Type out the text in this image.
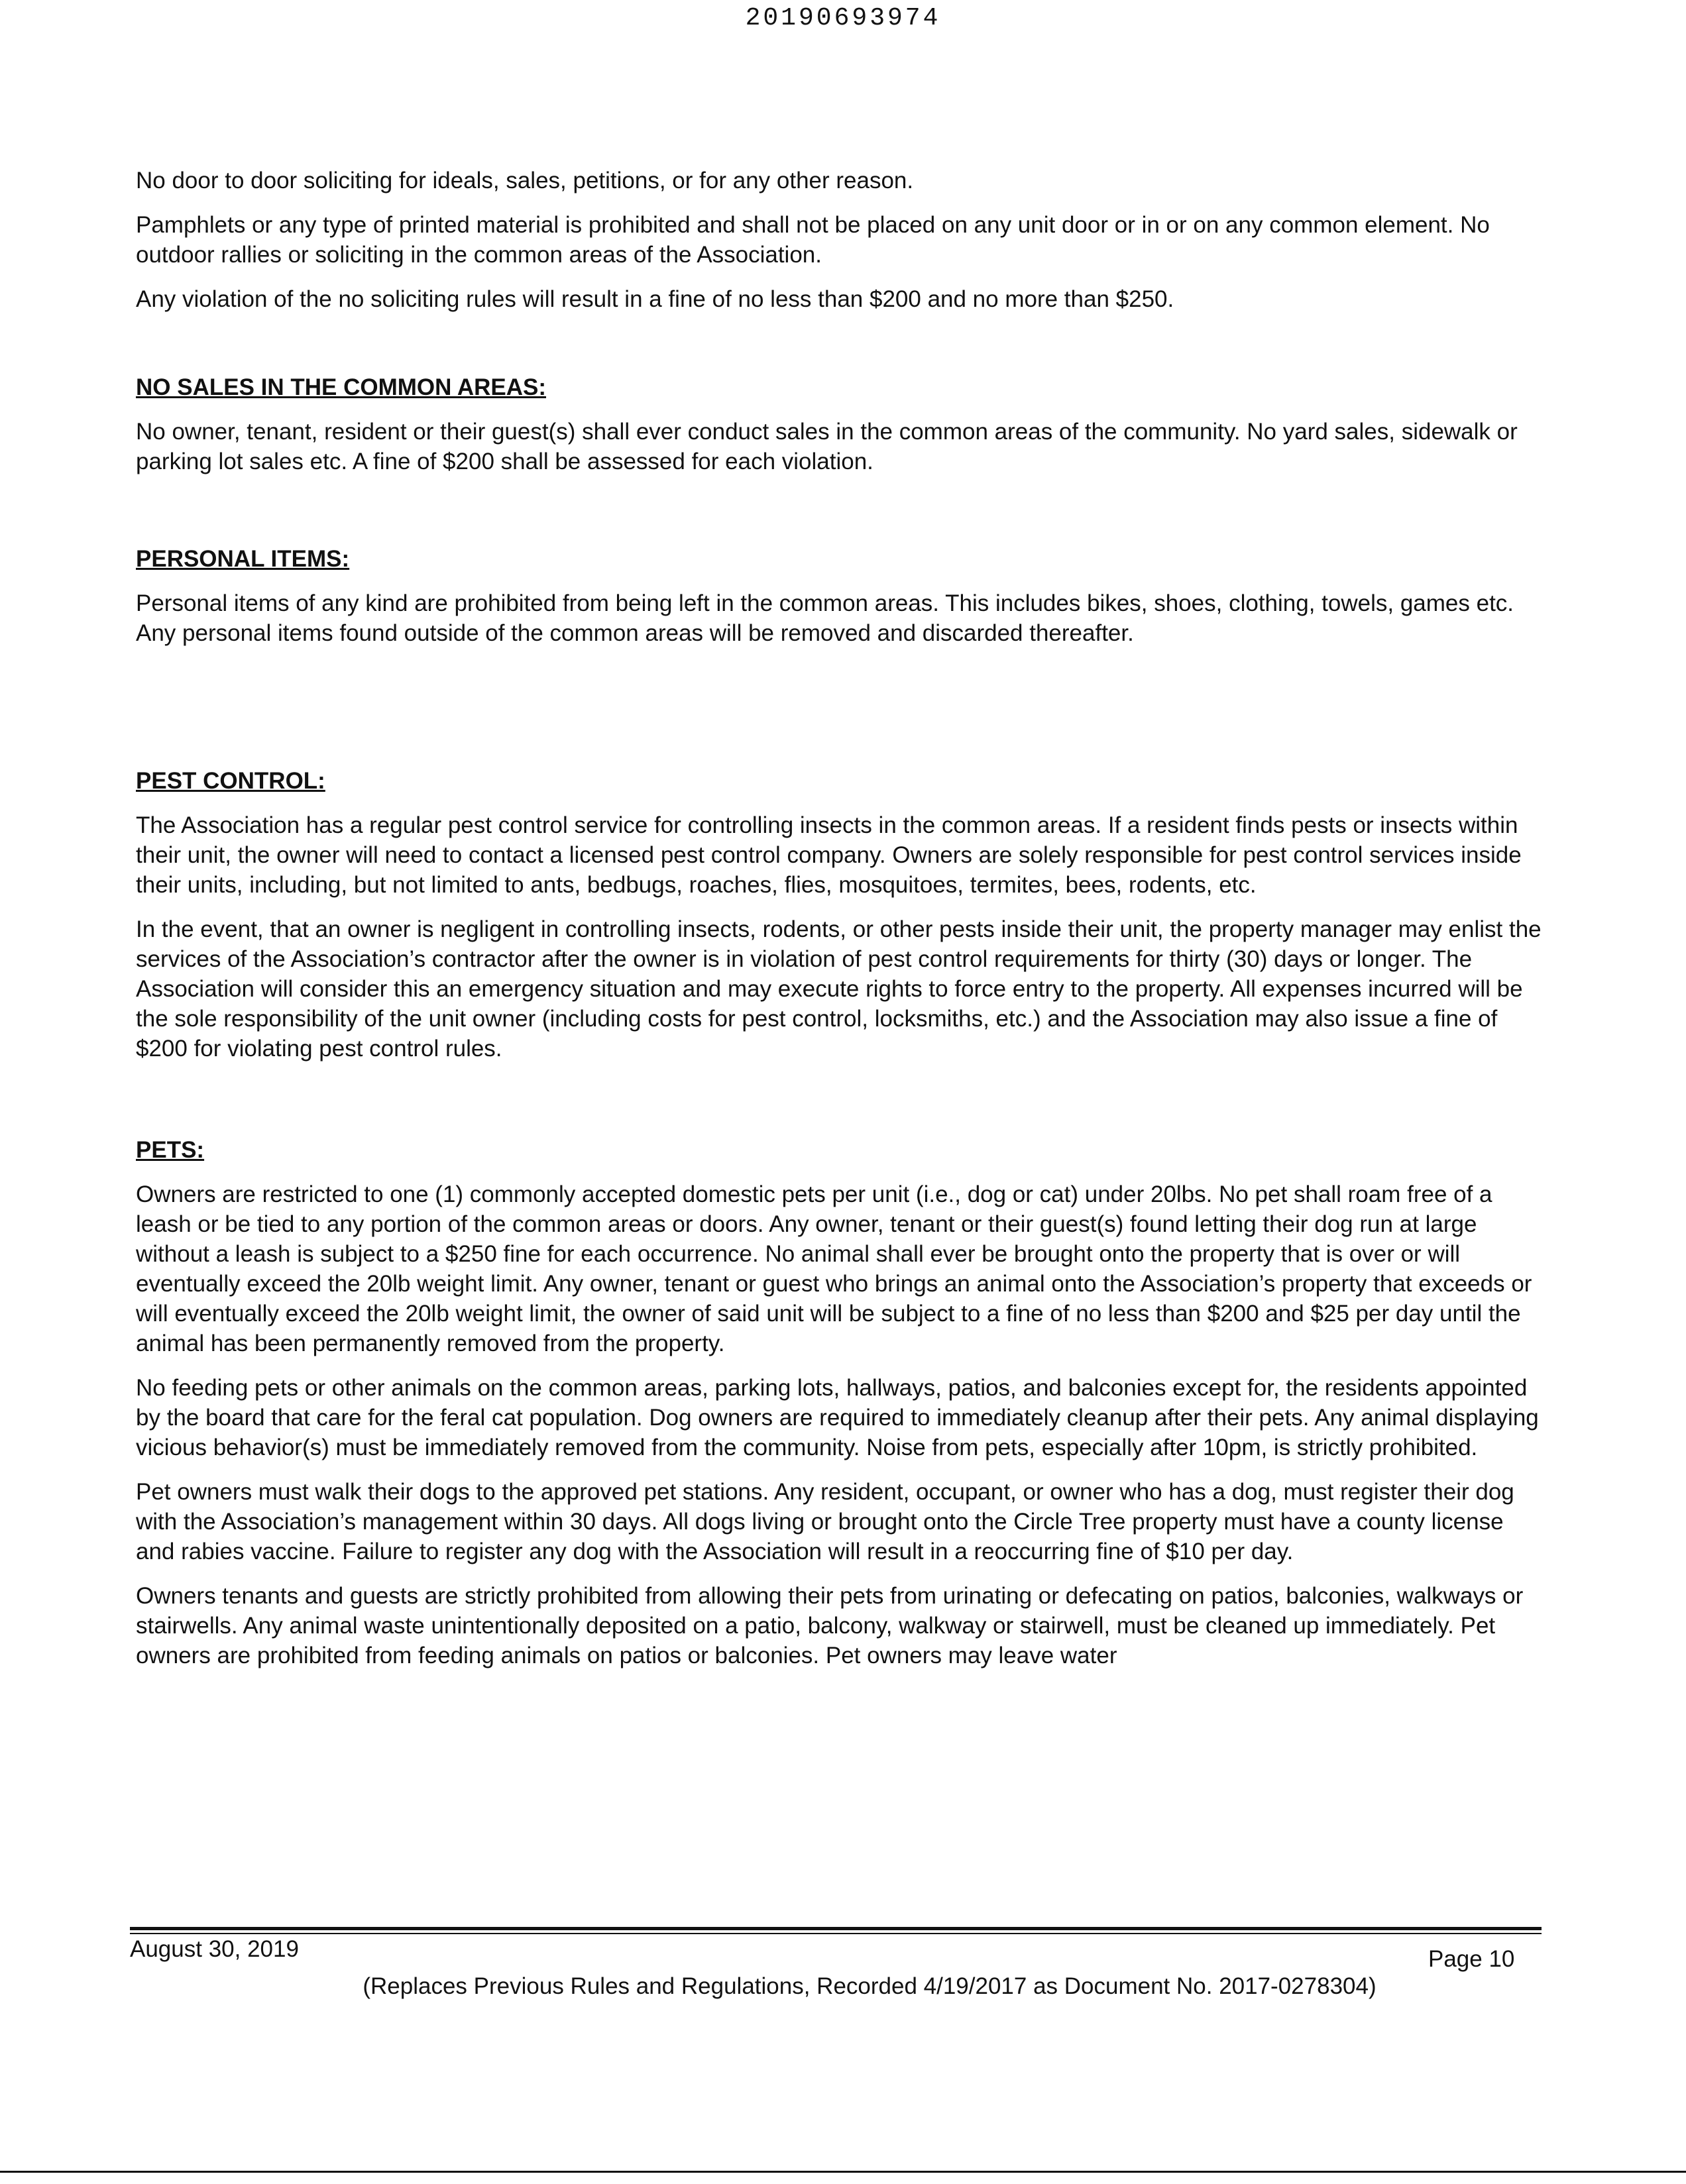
20190693974

No door to door soliciting for ideals, sales, petitions, or for any other reason.

Pamphlets or any type of printed material is prohibited and shall not be placed on any unit door or in or on any common element. No outdoor rallies or soliciting in the common areas of the Association.

Any violation of the no soliciting rules will result in a fine of no less than $200 and no more than $250.

NO SALES IN THE COMMON AREAS:

No owner, tenant, resident or their guest(s) shall ever conduct sales in the common areas of the community. No yard sales, sidewalk or parking lot sales etc. A fine of $200 shall be assessed for each violation.

PERSONAL ITEMS:

Personal items of any kind are prohibited from being left in the common areas. This includes bikes, shoes, clothing, towels, games etc. Any personal items found outside of the common areas will be removed and discarded thereafter.

PEST CONTROL:

The Association has a regular pest control service for controlling insects in the common areas. If a resident finds pests or insects within their unit, the owner will need to contact a licensed pest control company. Owners are solely responsible for pest control services inside their units, including, but not limited to ants, bedbugs, roaches, flies, mosquitoes, termites, bees, rodents, etc.

In the event, that an owner is negligent in controlling insects, rodents, or other pests inside their unit, the property manager may enlist the services of the Association’s contractor after the owner is in violation of pest control requirements for thirty (30) days or longer. The Association will consider this an emergency situation and may execute rights to force entry to the property. All expenses incurred will be the sole responsibility of the unit owner (including costs for pest control, locksmiths, etc.) and the Association may also issue a fine of $200 for violating pest control rules.

PETS:

Owners are restricted to one (1) commonly accepted domestic pets per unit (i.e., dog or cat) under 20lbs. No pet shall roam free of a leash or be tied to any portion of the common areas or doors. Any owner, tenant or their guest(s) found letting their dog run at large without a leash is subject to a $250 fine for each occurrence. No animal shall ever be brought onto the property that is over or will eventually exceed the 20lb weight limit. Any owner, tenant or guest who brings an animal onto the Association’s property that exceeds or will eventually exceed the 20lb weight limit, the owner of said unit will be subject to a fine of no less than $200 and $25 per day until the animal has been permanently removed from the property.

No feeding pets or other animals on the common areas, parking lots, hallways, patios, and balconies except for, the residents appointed by the board that care for the feral cat population. Dog owners are required to immediately cleanup after their pets. Any animal displaying vicious behavior(s) must be immediately removed from the community. Noise from pets, especially after 10pm, is strictly prohibited.

Pet owners must walk their dogs to the approved pet stations. Any resident, occupant, or owner who has a dog, must register their dog with the Association’s management within 30 days. All dogs living or brought onto the Circle Tree property must have a county license and rabies vaccine. Failure to register any dog with the Association will result in a reoccurring fine of $10 per day.

Owners tenants and guests are strictly prohibited from allowing their pets from urinating or defecating on patios, balconies, walkways or stairwells. Any animal waste unintentionally deposited on a patio, balcony, walkway or stairwell, must be cleaned up immediately. Pet owners are prohibited from feeding animals on patios or balconies. Pet owners may leave water

August 30, 2019	Page 10
(Replaces Previous Rules and Regulations, Recorded 4/19/2017 as Document No. 2017-0278304)
